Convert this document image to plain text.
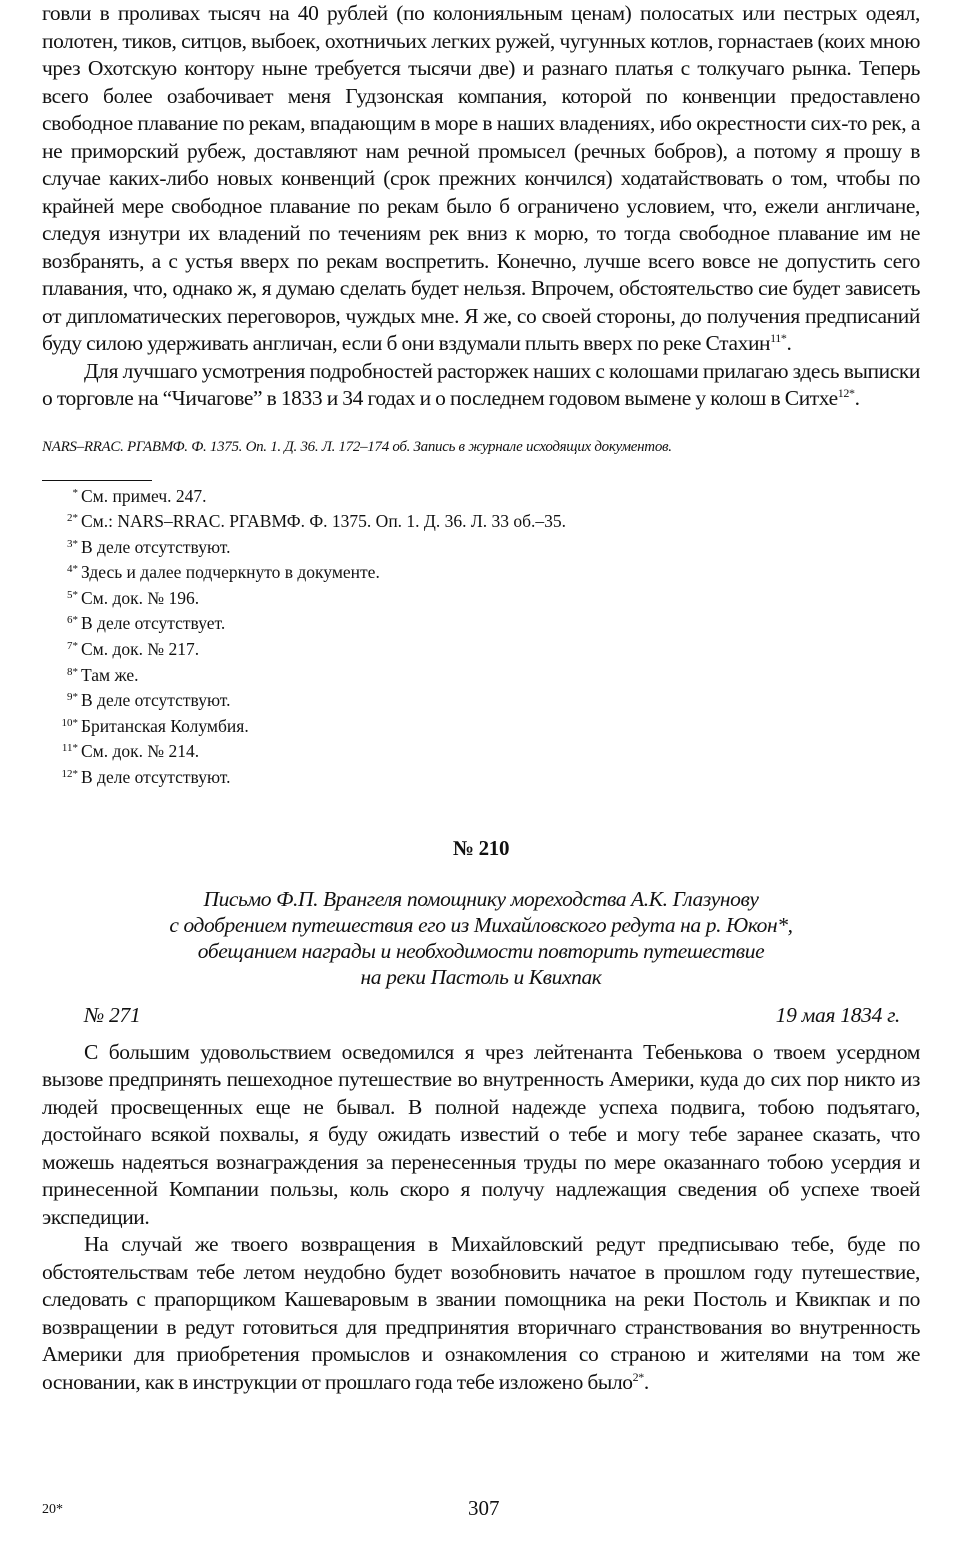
говли в проливах тысяч на 40 рублей (по колонияльным ценам) полосатых или пестрых одеял, полотен, тиков, ситцов, выбоек, охотничьих легких ружей, чугунных котлов, горнастаев (коих мною чрез Охотскую контору ныне требуется тысячи две) и разнаго платья с толкучаго рынка. Теперь всего более озабочивает меня Гудзонская компания, которой по конвенции предоставлено свободное плавание по рекам, впадающим в море в наших владениях, ибо окрестности сих-то рек, а не приморский рубеж, доставляют нам речной промысел (речных бобров), а потому я прошу в случае каких-либо новых конвенций (срок прежних кончился) ходатайствовать о том, чтобы по крайней мере свободное плавание по рекам было б ограничено условием, что, ежели англичане, следуя изнутри их владений по течениям рек вниз к морю, то тогда свободное плавание им не возбранять, а с устья вверх по рекам воспретить. Конечно, лучше всего вовсе не допустить сего плавания, что, однако ж, я думаю сделать будет нельзя. Впрочем, обстоятельство сие будет зависеть от дипломатических переговоров, чуждых мне. Я же, со своей стороны, до получения предписаний буду силою удерживать англичан, если б они вздумали плыть вверх по реке Стахин$^{11*}$.

Для лучшаго усмотрения подробностей расторжек наших с колошами прилагаю здесь выписки о торговле на “Чичагове” в 1833 и 34 годах и о последнем годовом вымене у колош в Ситхе$^{12*}$.

NARS–RRAC. РГАВМФ. Ф. 1375. Оп. 1. Д. 36. Л. 172–174 об. Запись в журнале исходящих документов.

* См. примеч. 247.
2* См.: NARS–RRAC. РГАВМФ. Ф. 1375. Оп. 1. Д. 36. Л. 33 об.–35.
3* В деле отсутствуют.
4* Здесь и далее подчеркнуто в документе.
5* См. док. № 196.
6* В деле отсутствует.
7* См. док. № 217.
8* Там же.
9* В деле отсутствуют.
10* Британская Колумбия.
11* См. док. № 214.
12* В деле отсутствуют.
№ 210
Письмо Ф.П. Врангеля помощнику мореходства А.К. Глазунову
с одобрением путешествия его из Михайловского редута на р. Юкон*,
обещанием награды и необходимости повторить путешествие
на реки Пастоль и Квихпак
№ 271	19 мая 1834 г.

С большим удовольствием осведомился я чрез лейтенанта Тебенькова о твоем усердном вызове предпринять пешеходное путешествие во внутренность Америки, куда до сих пор никто из людей просвещенных еще не бывал. В полной надежде успеха подвига, тобою подъятаго, достойнаго всякой похвалы, я буду ожидать известий о тебе и могу тебе заранее сказать, что можешь надеяться вознаграждения за перенесенныя труды по мере оказаннаго тобою усердия и принесенной Компании пользы, коль скоро я получу надлежащия сведения об успехе твоей экспедиции.

На случай же твоего возвращения в Михайловский редут предписываю тебе, буде по обстоятельствам тебе летом неудобно будет возобновить начатое в прошлом году путешествие, следовать с прапорщиком Кашеваровым в звании помощника на реки Постоль и Квикпак и по возвращении в редут готовиться для предпринятия вторичнаго странствования во внутренность Америки для приобретения промыслов и ознакомления со страною и жителями на том же основании, как в инструкции от прошлаго года тебе изложено было$^{2*}$.

20*	307
